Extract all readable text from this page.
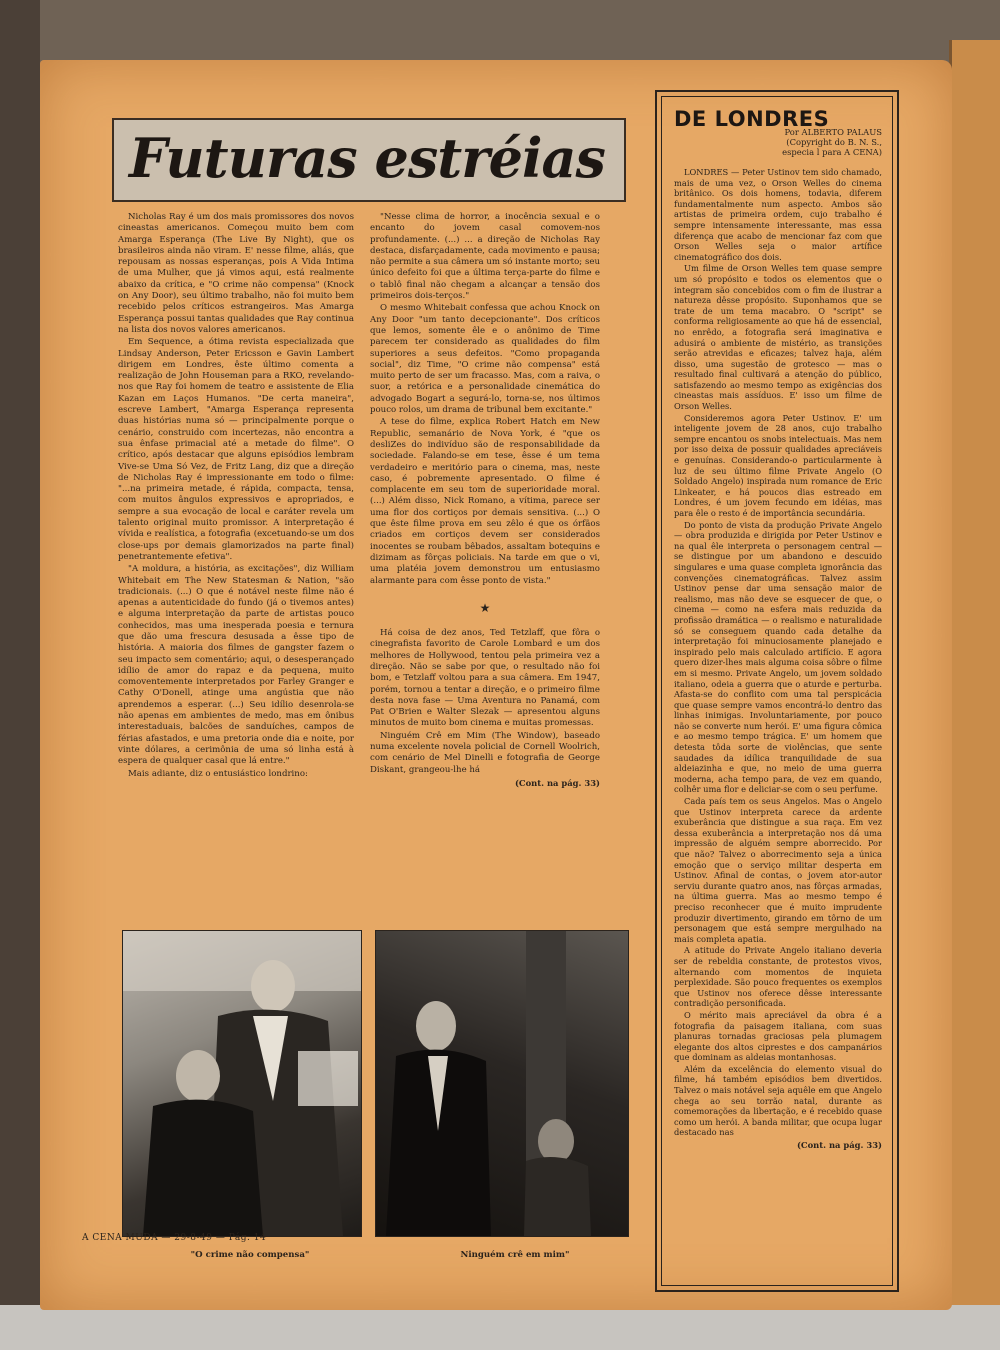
Futuras estréias

Nicholas Ray é um dos mais promissores dos novos cineastas americanos. Começou muito bem com Amarga Esperança (The Live By Night), que os brasileiros ainda não viram. E' nesse filme, aliás, que repousam as nossas esperanças, pois A Vida Intima de uma Mulher, que já vimos aqui, está realmente abaixo da crítica, e "O crime não compensa" (Knock on Any Door), seu último trabalho, não foi muito bem recebido pelos críticos estrangeiros. Mas Amarga Esperança possui tantas qualidades que Ray continua na lista dos novos valores americanos.

Em Sequence, a ótima revista especializada que Lindsay Anderson, Peter Ericsson e Gavin Lambert dirigem em Londres, êste último comenta a realização de John Houseman para a RKO, revelando-nos que Ray foi homem de teatro e assistente de Elia Kazan em Laços Humanos. "De certa maneira", escreve Lambert, "Amarga Esperança representa duas histórias numa só — principalmente porque o cenário, construido com incertezas, não encontra a sua ênfase primacial até a metade do filme". O crítico, após destacar que alguns episódios lembram Vive-se Uma Só Vez, de Fritz Lang, diz que a direção de Nicholas Ray é impressionante em todo o filme: "...na primeira metade, é rápida, compacta, tensa, com muitos ângulos expressivos e apropriados, e sempre a sua evocação de local e caráter revela um talento original muito promissor. A interpretação é vívida e realística, a fotografia (excetuando-se um dos close-ups por demais glamorizados na parte final) penetrantemente efetiva".

"A moldura, a história, as excitações", diz William Whitebait em The New Statesman & Nation, "são tradicionais. (...) O que é notável neste filme não é apenas a autenticidade do fundo (já o tivemos antes) e alguma interpretação da parte de artistas pouco conhecidos, mas uma inesperada poesia e ternura que dão uma frescura desusada a êsse tipo de história. A maioria dos filmes de gangster fazem o seu impacto sem comentário; aqui, o desesperançado idílio de amor do rapaz e da pequena, muito comoventemente interpretados por Farley Granger e Cathy O'Donell, atinge uma angústia que não aprendemos a esperar. (...) Seu idílio desenrola-se não apenas em ambientes de medo, mas em ônibus interestaduais, balcões de sanduíches, campos de férias afastados, e uma pretoria onde dia e noite, por vinte dólares, a cerimônia de uma só linha está à espera de qualquer casal que lá entre."

Mais adiante, diz o entusiástico londrino:

"Nesse clima de horror, a inocência sexual e o encanto do jovem casal comovem-nos profundamente. (...) ... a direção de Nicholas Ray destaca, disfarçadamente, cada movimento e pausa; não permite a sua câmera um só instante morto; seu único defeito foi que a última terça-parte do filme e o tablô final não chegam a alcançar a tensão dos primeiros dois-terços."

O mesmo Whitebait confessa que achou Knock on Any Door "um tanto decepcionante". Dos críticos que lemos, somente êle e o anônimo de Time parecem ter considerado as qualidades do film superiores a seus defeitos. "Como propaganda social", diz Time, "O crime não compensa" está muito perto de ser um fracasso. Mas, com a raiva, o suor, a retórica e a personalidade cinemática do advogado Bogart a segurá-lo, torna-se, nos últimos pouco rolos, um drama de tribunal bem excitante."

A tese do filme, explica Robert Hatch em New Republic, semanário de Nova York, é "que os desliZes do indivíduo são de responsabilidade da sociedade. Falando-se em tese, êsse é um tema verdadeiro e meritório para o cinema, mas, neste caso, é pobremente apresentado. O filme é complacente em seu tom de superioridade moral. (...) Além disso, Nick Romano, a vítima, parece ser uma flor dos cortiços por demais sensitiva. (...) O que êste filme prova em seu zêlo é que os órfãos criados em cortiços devem ser considerados inocentes se roubam bêbados, assaltam botequins e dizimam as fôrças policiais. Na tarde em que o vi, uma platéia jovem demonstrou um entusiasmo alarmante para com êsse ponto de vista."

★

Há coisa de dez anos, Ted Tetzlaff, que fôra o cinegrafista favorito de Carole Lombard e um dos melhores de Hollywood, tentou pela primeira vez a direção. Não se sabe por que, o resultado não foi bom, e Tetzlaff voltou para a sua câmera. Em 1947, porém, tornou a tentar a direção, e o primeiro filme desta nova fase — Uma Aventura no Panamá, com Pat O'Brien e Walter Slezak — apresentou alguns minutos de muito bom cinema e muitas promessas.

Ninguém Crê em Mim (The Window), baseado numa excelente novela policial de Cornell Woolrich, com cenário de Mel Dinelli e fotografia de George Diskant, grangeou-lhe há

(Cont. na pág. 33)
DE LONDRES
Por ALBERTO PALAUS
(Copyright do B. N. S.,
especia l para A CENA)

LONDRES — Peter Ustinov tem sido chamado, mais de uma vez, o Orson Welles do cinema britânico. Os dois homens, todavia, diferem fundamentalmente num aspecto. Ambos são artistas de primeira ordem, cujo trabalho é sempre intensamente interessante, mas essa diferença que acabo de mencionar faz com que Orson Welles seja o maior artífice cinematográfico dos dois.

Um filme de Orson Welles tem quase sempre um só propósito e todos os elementos que o integram são concebidos com o fim de ilustrar a natureza dêsse propósito. Suponhamos que se trate de um tema macabro. O "script" se conforma religiosamente ao que há de essencial, no enrêdo, a fotografia será imaginativa e adusirá o ambiente de mistério, as transições serão atrevidas e eficazes; talvez haja, além disso, uma sugestão de grotesco — mas o resultado final cultivará a atenção do público, satisfazendo ao mesmo tempo as exigências dos cineastas mais assíduos. E' isso um filme de Orson Welles.

Consideremos agora Peter Ustinov. E' um inteligente jovem de 28 anos, cujo trabalho sempre encantou os snobs intelectuais. Mas nem por isso deixa de possuir qualidades apreciáveis e genuínas. Considerando-o particularmente à luz de seu último filme Private Angelo (O Soldado Angelo) inspirada num romance de Eric Linkeater, e há poucos dias estreado em Londres, é um jovem fecundo em idéias, mas para êle o resto é de importância secundária.

Do ponto de vista da produção Private Angelo — obra produzida e dirigida por Peter Ustinov e na qual êle interpreta o personagem central — se distingue por um abandono e descuido singulares e uma quase completa ignorância das convenções cinematográficas. Talvez assim Ustinov pense dar uma sensação maior de realismo, mas não deve se esquecer de que, o cinema — como na esfera mais reduzida da profissão dramática — o realismo e naturalidade só se conseguem quando cada detalhe da interpretação foi minuciosamente planejado e inspirado pelo mais calculado artifício. E agora quero dizer-lhes mais alguma coisa sôbre o filme em si mesmo. Private Angelo, um jovem soldado italiano, odeia a guerra que o aturde e perturba. Afasta-se do conflito com uma tal perspicácia que quase sempre vamos encontrá-lo dentro das linhas inimigas. Involuntariamente, por pouco não se converte num herói. E' uma figura cômica e ao mesmo tempo trágica. E' um homem que detesta tôda sorte de violências, que sente saudades da idílica tranquilidade de sua aldeiazinha e que, no meio de uma guerra moderna, acha tempo para, de vez em quando, colhêr uma flor e deliciar-se com o seu perfume.

Cada país tem os seus Angelos. Mas o Angelo que Ustinov interpreta carece da ardente exuberância que distingue a sua raça. Em vez dessa exuberância a interpretação nos dá uma impressão de alguém sempre aborrecido. Por que não? Talvez o aborrecimento seja a única emoção que o serviço militar desperta em Ustinov. Afinal de contas, o jovem ator-autor serviu durante quatro anos, nas fôrças armadas, na última guerra. Mas ao mesmo tempo é preciso reconhecer que é muito imprudente produzir divertimento, girando em tôrno de um personagem que está sempre mergulhado na mais completa apatia.

A atitude do Private Angelo italiano deveria ser de rebeldia constante, de protestos vivos, alternando com momentos de inquieta perplexidade. São pouco frequentes os exemplos que Ustinov nos oferece dêsse interessante contradição personificada.

O mérito mais apreciável da obra é a fotografia da paisagem italiana, com suas planuras tornadas graciosas pela plumagem elegante dos altos ciprestes e dos campanários que dominam as aldeias montanhosas.

Além da excelência do elemento visual do filme, há também episódios bem divertidos. Talvez o mais notável seja aquêle em que Angelo chega ao seu torrão natal, durante as comemorações da libertação, e é recebido quase como um herói. A banda militar, que ocupa lugar destacado nas

(Cont. na pág. 33)
"O crime não compensa"	Ninguém crê em mim"
A CENA MUDA — 29-8-49 — Pág. 14
